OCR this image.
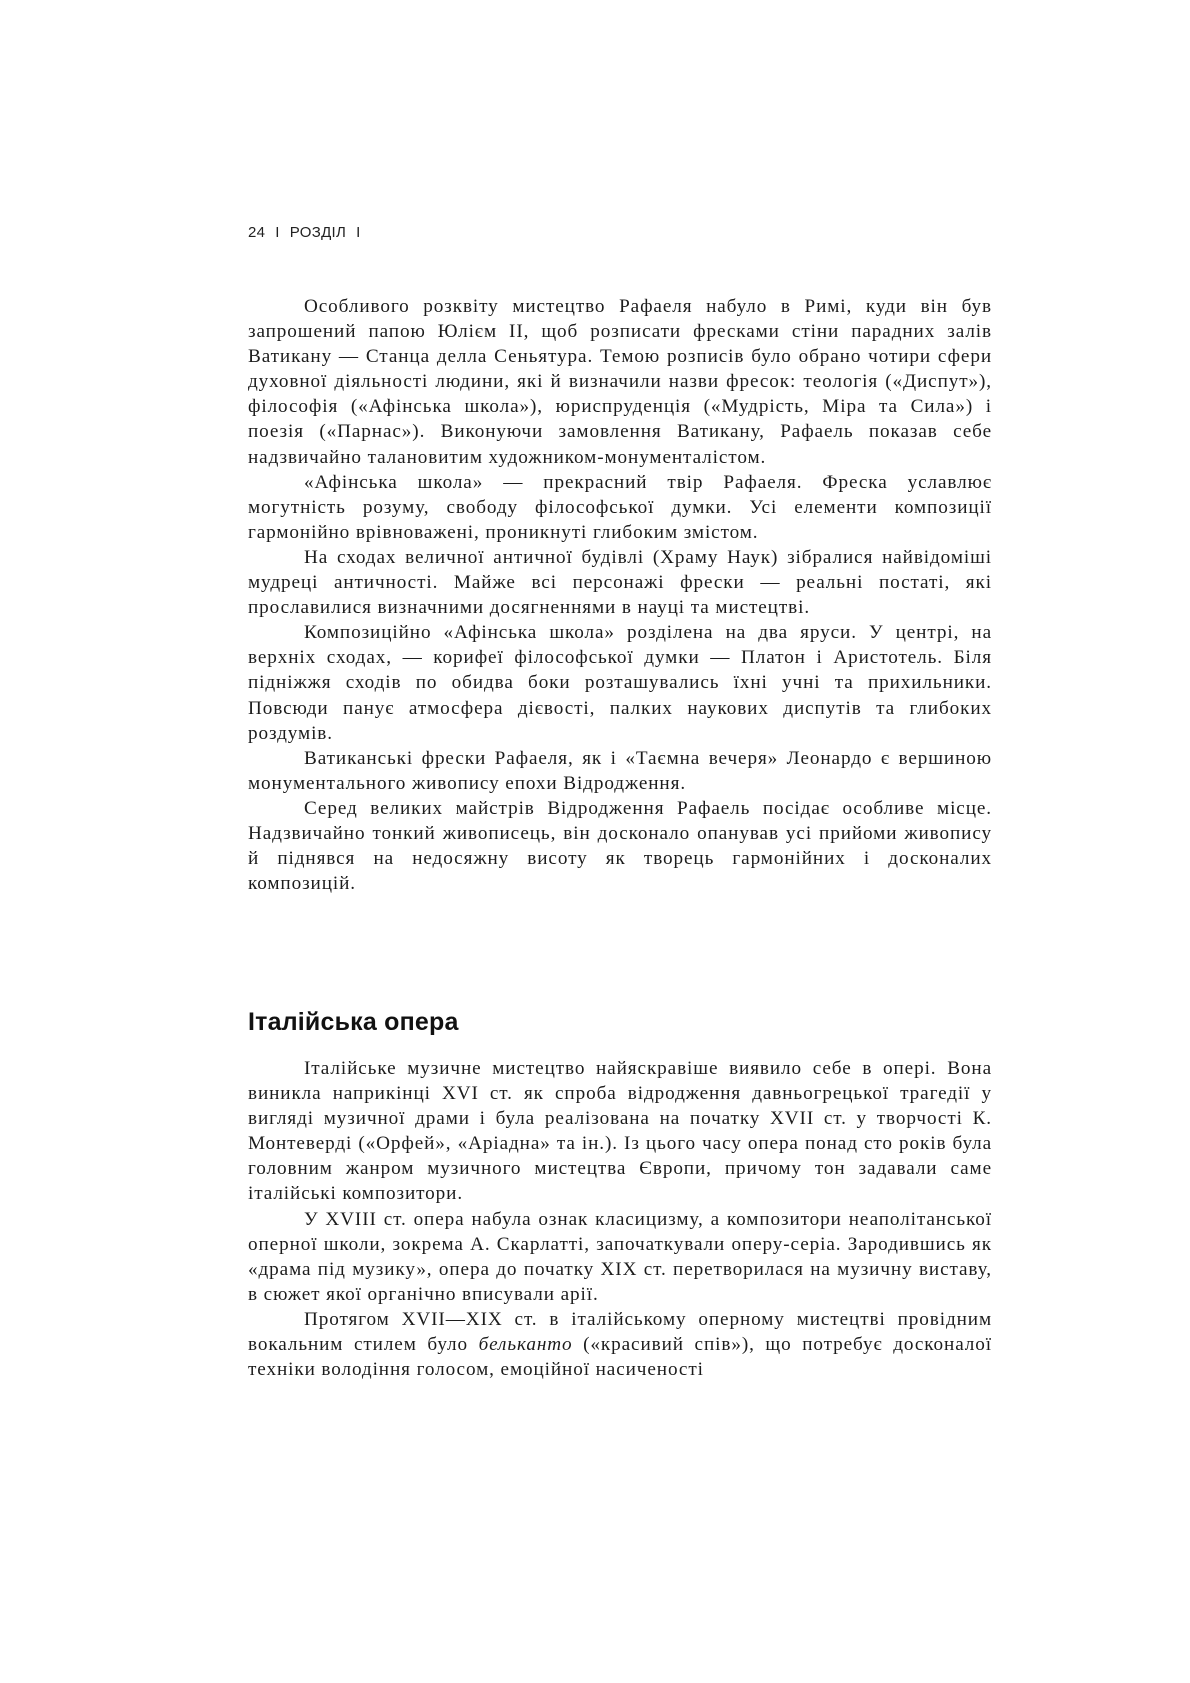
24 I РОЗДІЛ I

Особливого розквіту мистецтво Рафаеля набуло в Римі, куди він був запрошений папою Юлієм II, щоб розписати фресками стіни парадних залів Ватикану — Станца делла Сеньятура. Темою розписів було обрано чотири сфери духовної діяльності людини, які й визначили назви фресок: теологія («Диспут»), філософія («Афінська школа»), юриспруденція («Мудрість, Міра та Сила») і поезія («Парнас»). Виконуючи замовлення Ватикану, Рафаель показав себе надзвичайно талановитим художником-монументалістом.

«Афінська школа» — прекрасний твір Рафаеля. Фреска уславлює могутність розуму, свободу філософської думки. Усі елементи композиції гармонійно врівноважені, проникнуті глибоким змістом.

На сходах величної античної будівлі (Храму Наук) зібралися найвідоміші мудреці античності. Майже всі персонажі фрески — реальні постаті, які прославилися визначними досягненнями в науці та мистецтві.

Композиційно «Афінська школа» розділена на два яруси. У центрі, на верхніх сходах, — корифеї філософської думки — Платон і Аристотель. Біля підніжжя сходів по обидва боки розташувались їхні учні та прихильники. Повсюди панує атмосфера дієвості, палких наукових диспутів та глибоких роздумів.

Ватиканські фрески Рафаеля, як і «Таємна вечеря» Леонардо є вершиною монументального живопису епохи Відродження.

Серед великих майстрів Відродження Рафаель посідає особливе місце. Надзвичайно тонкий живописець, він досконало опанував усі прийоми живопису й піднявся на недосяжну висоту як творець гармонійних і досконалих композицій.

Італійська опера

Італійське музичне мистецтво найяскравіше виявило себе в опері. Вона виникла наприкінці XVI ст. як спроба відродження давньогрецької трагедії у вигляді музичної драми і була реалізована на початку XVII ст. у творчості К. Монтеверді («Орфей», «Аріадна» та ін.). Із цього часу опера понад сто років була головним жанром музичного мистецтва Європи, причому тон задавали саме італійські композитори.

У XVIII ст. опера набула ознак класицизму, а композитори неаполітанської оперної школи, зокрема А. Скарлатті, започаткували оперу-серіа. Зародившись як «драма під музику», опера до початку XIX ст. перетворилася на музичну виставу, в сюжет якої органічно вписували арії.

Протягом XVII—XIX ст. в італійському оперному мистецтві провідним вокальним стилем було бельканто («красивий спів»), що потребує досконалої техніки володіння голосом, емоційної насиченості
